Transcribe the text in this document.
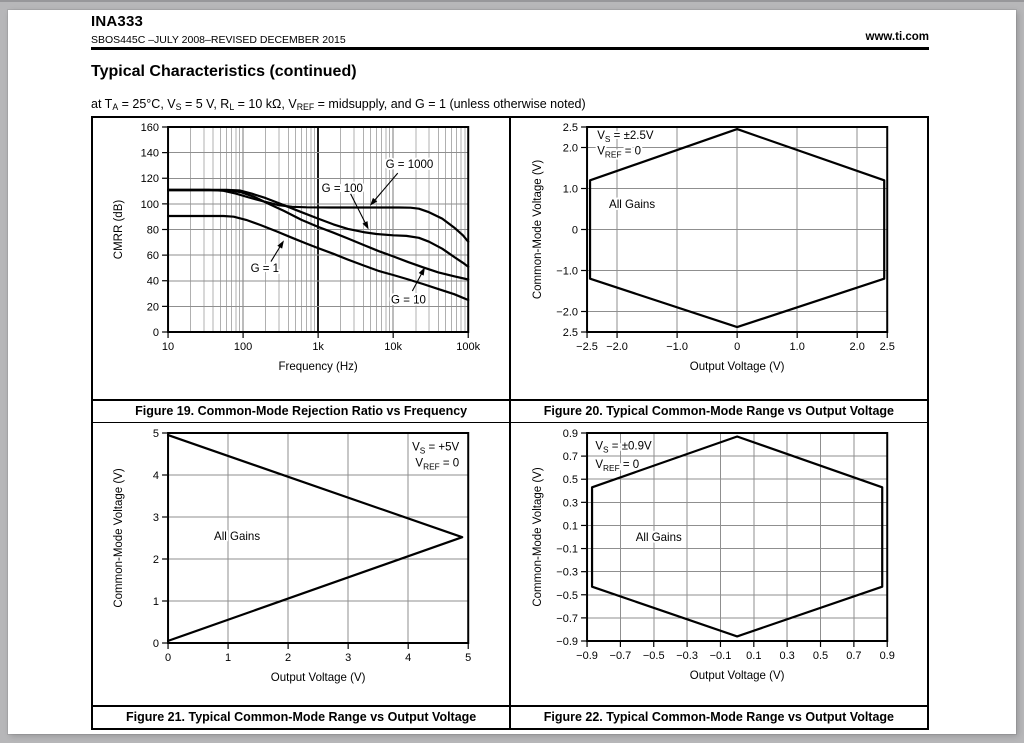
INA333
SBOS445C –JULY 2008–REVISED DECEMBER 2015	www.ti.com
Typical Characteristics (continued)
at TA = 25°C, VS = 5 V, RL = 10 kΩ, VREF = midsupply, and G = 1 (unless otherwise noted)
10	100	1k	10k	100k
0
20
40
60
80
100
120
140
160
G = 1000
G = 100
G = 1
G = 10
Frequency (Hz)
CMRR (dB)
−2.5 −2.0	−1.0	0	1.0	2.0 2.5
2.5
2.0
1.0
0
−1.0
−2.0
2.5
VS = ±2.5V
VREF = 0
All Gains
Output Voltage (V)
Common-Mode Voltage (V)
Figure 19. Common-Mode Rejection Ratio vs Frequency	Figure 20. Typical Common-Mode Range vs Output Voltage
0	1	2	3	4	5
0
1
2
3
4
5
VS = +5V
VREF = 0
All Gains
Output Voltage (V)
Common-Mode Voltage (V)
−0.9 −0.7 −0.5 −0.3 −0.1 0.1 0.3 0.5 0.7 0.9
0.9
0.7
0.5
0.3
0.1
−0.1
−0.3
−0.5
−0.7
−0.9
VS = ±0.9V
VREF = 0
All Gains
Output Voltage (V)
Common-Mode Voltage (V)
Figure 21. Typical Common-Mode Range vs Output Voltage	Figure 22. Typical Common-Mode Range vs Output Voltage
